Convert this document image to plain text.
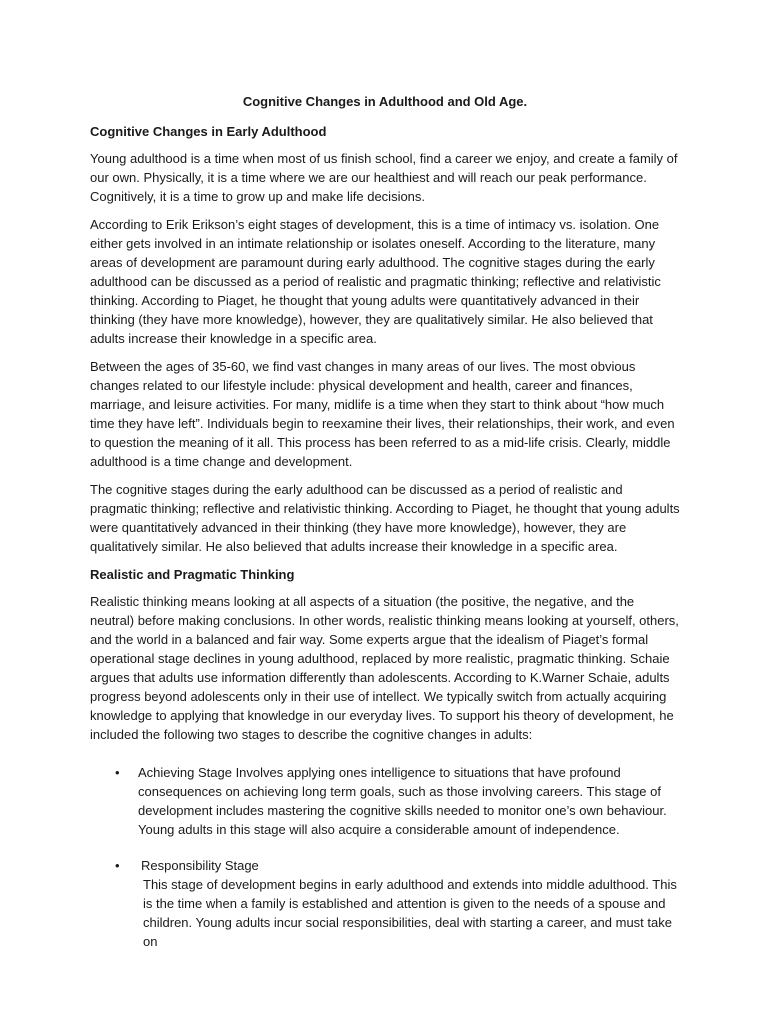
Cognitive Changes in Adulthood and Old Age.

Cognitive Changes in Early Adulthood

Young adulthood is a time when most of us finish school, find a career we enjoy, and create a family of our own. Physically, it is a time where we are our healthiest and will reach our peak performance. Cognitively, it is a time to grow up and make life decisions.

According to Erik Erikson’s eight stages of development, this is a time of intimacy vs. isolation. One either gets involved in an intimate relationship or isolates oneself. According to the literature, many areas of development are paramount during early adulthood. The cognitive stages during the early adulthood can be discussed as a period of realistic and pragmatic thinking; reflective and relativistic thinking. According to Piaget, he thought that young adults were quantitatively advanced in their thinking (they have more knowledge), however, they are qualitatively similar. He also believed that adults increase their knowledge in a specific area.

Between the ages of 35-60, we find vast changes in many areas of our lives. The most obvious changes related to our lifestyle include: physical development and health, career and finances, marriage, and leisure activities. For many, midlife is a time when they start to think about “how much time they have left”. Individuals begin to reexamine their lives, their relationships, their work, and even to question the meaning of it all. This process has been referred to as a mid-life crisis. Clearly, middle adulthood is a time change and development.

The cognitive stages during the early adulthood can be discussed as a period of realistic and pragmatic thinking; reflective and relativistic thinking. According to Piaget, he thought that young adults were quantitatively advanced in their thinking (they have more knowledge), however, they are qualitatively similar. He also believed that adults increase their knowledge in a specific area.

Realistic and Pragmatic Thinking

Realistic thinking means looking at all aspects of a situation (the positive, the negative, and the neutral) before making conclusions. In other words, realistic thinking means looking at yourself, others, and the world in a balanced and fair way. Some experts argue that the idealism of Piaget’s formal operational stage declines in young adulthood, replaced by more realistic, pragmatic thinking. Schaie argues that adults use information differently than adolescents. According to K.Warner Schaie, adults progress beyond adolescents only in their use of intellect. We typically switch from actually acquiring knowledge to applying that knowledge in our everyday lives. To support his theory of development, he included the following two stages to describe the cognitive changes in adults:

• Achieving Stage Involves applying ones intelligence to situations that have profound consequences on achieving long term goals, such as those involving careers. This stage of development includes mastering the cognitive skills needed to monitor one’s own behaviour. Young adults in this stage will also acquire a considerable amount of independence.
• Responsibility Stage
This stage of development begins in early adulthood and extends into middle adulthood. This is the time when a family is established and attention is given to the needs of a spouse and children. Young adults incur social responsibilities, deal with starting a career, and must take on
